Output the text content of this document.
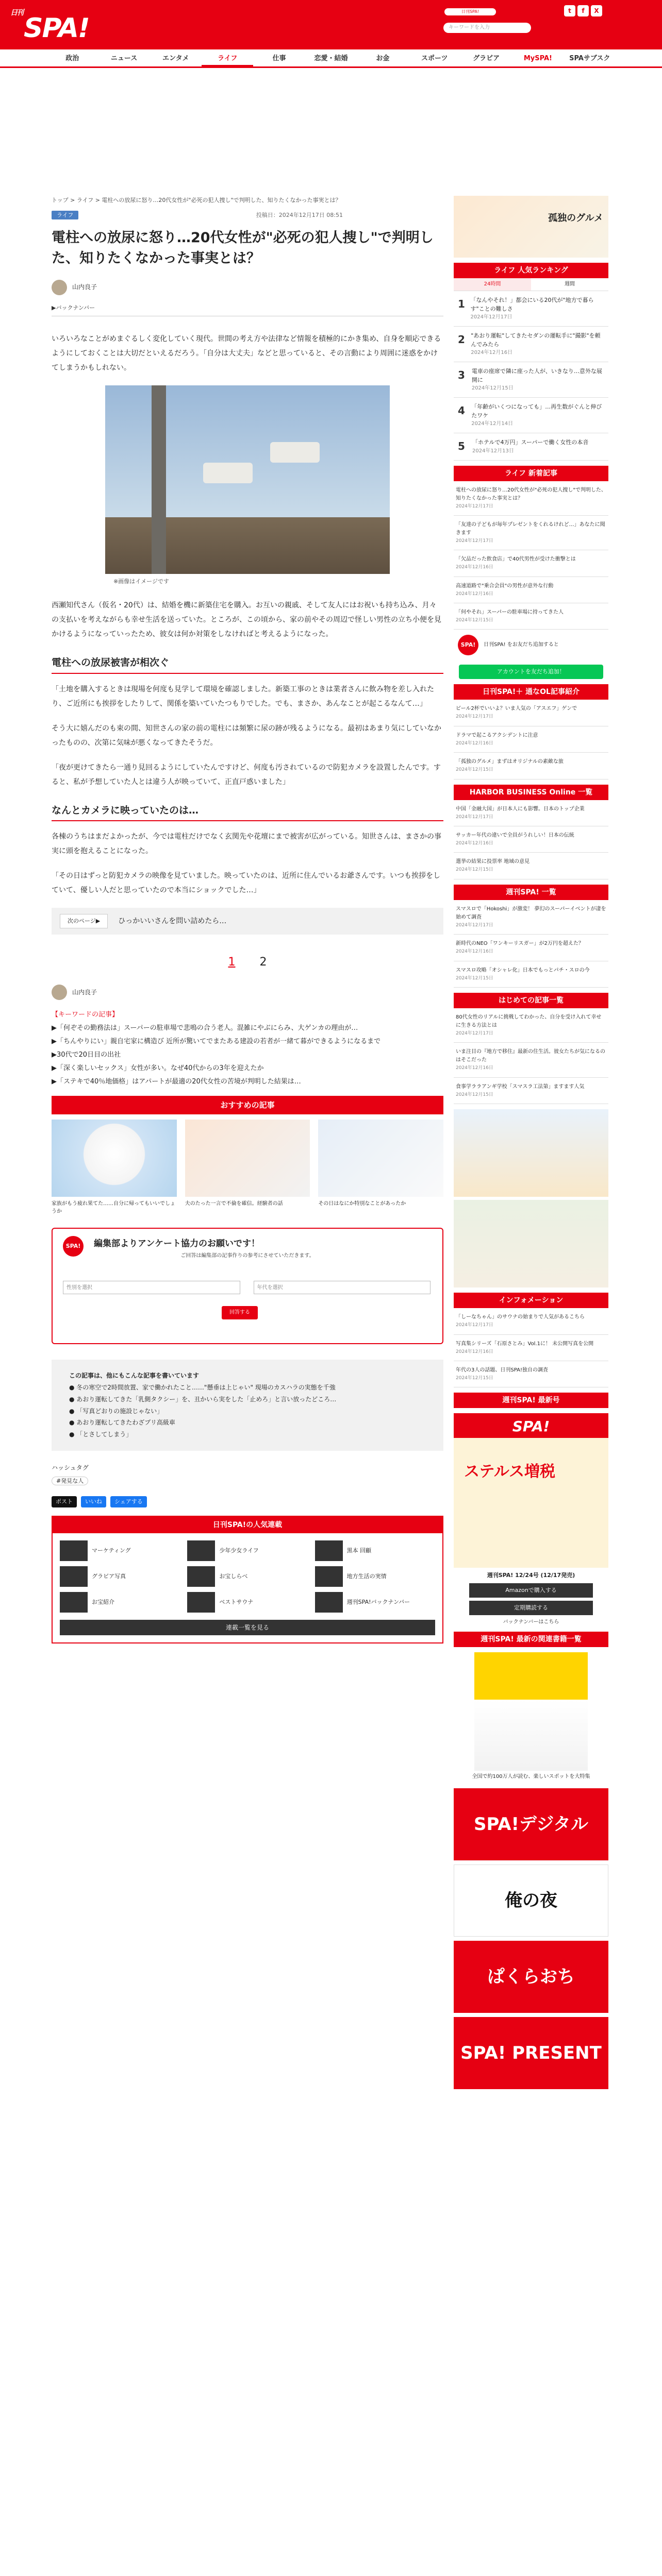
$^{日刊}$SPA!
日刊SPA!
キーワードを入力
t	f	X
政治	ニュース	エンタメ	ライフ	仕事	恋愛・結婚	お金	スポーツ	グラビア	MySPA!	SPAサブスク
トップ > ライフ > 電柱への放尿に怒り…20代女性が"必死の犯人捜し"で判明した、知りたくなかった事実とは？
ライフ	投稿日：2024年12月17日 08:51
電柱への放尿に怒り…20代女性が"必死の犯人捜し"で判明した、知りたくなかった事実とは？
山内良子
▶バックナンバー

いろいろなことがめまぐるしく変化していく現代。世間の考え方や法律など情報を積極的にかき集め、自身を順応できるようにしておくことは大切だといえるだろう。「自分は大丈夫」などと思っていると、その言動により周囲に迷惑をかけてしまうかもしれない。

※画像はイメージです

西瀬知代さん（仮名・20代）は、結婚を機に新築住宅を購入。お互いの親戚、そして友人にはお祝いも持ち込み、月々の支払いを考えながらも幸せ生活を送っていた。ところが、この頃から、家の前やその周辺で怪しい男性の立ち小便を見かけるようになっていったため、彼女は何か対策をしなければと考えるようになった。

電柱への放尿被害が相次ぐ

「土地を購入するときは現場を何度も見学して環境を確認しました。新築工事のときは業者さんに飲み物を差し入れたり、ご近所にも挨拶をしたりして、関係を築いていたつもりでした。でも、まさか、あんなことが起こるなんて…」

そう大に嬉んだのも束の間、知世さんの家の前の電柱には頻繁に尿の跡が残るようになる。最初はあまり気にしていなかったものの、次第に気味が悪くなってきたそうだ。

「夜が更けてきたら一通り見回るようにしていたんですけど、何度も汚されているので防犯カメラを設置したんです。すると、私が予想していた人とは違う人が映っていて、正直戸惑いました」

なんとカメラに映っていたのは…

各棟のうちはまだよかったが、今では電柱だけでなく玄関先や花壇にまで被害が広がっている。知世さんは、まさかの事実に頭を抱えることになった。

「その日はずっと防犯カメラの映像を見ていました。映っていたのは、近所に住んでいるお爺さんです。いつも挨拶をしていて、優しい人だと思っていたので本当にショックでした…」

次のページ▶	ひっかいいさんを問い詰めたら…
1 2
山内良子
【キーワードの記事】
▶「何ぞその勤務法は」スーパーの駐車場で悲鳴の合う老人。混雑にやぶにらみ、大ゲンカの理由が…
▶「ちんやりにい」親自宅家に構造び 近所が驚いてでまたある建設の若者が一緒て暮ができるようになるまで
▶30代で20日目の出社
▶「深く楽しいセックス」女性が多い。なぜ40代からの3年を迎えたか
▶「ステキで40％地価格」はアパートが最適の20代女性の苦境が判明した結果は…
おすすめの記事
家族がもう疲れ果てた……自分に帰ってもいいでしょうか
夫のたった一言で不倫を確信。経験者の話	その日はなにか特別なことがあったか
SPA!	編集部よりアンケート協力のお願いです！
ご回答は編集部の記事作りの参考にさせていただきます。
性別を選択	年代を選択
回答する
この記事は、他にもこんな記事を書いています
● 冬の寒空で2時間放置、家で働かれたこと……"懸垂は上じゃい" 現場のカスハラの実態を千強
● あおり運転してきた「乳側タクシー」を、丑かいら実をした「止めろ」と言い放ったどころ…
● 「写真どおりの施設じゃない」
● あおり運転してきたわざプリ高級車
● 「とさしてしまう」
ハッシュタグ
#発見な人
ポスト	いいね	シェアする
日刊SPA!の人気連載
マーケティング	少年少女ライフ	黒本 回顧
グラビア写真	お宝しらべ	地方生活の実情
お宝紹介	ベストサウナ	週刊SPA!バックナンバー
連載一覧を見る
孤独のグルメ
ライフ 人気ランキング
24時間	週間
1 「なんやそれ！」都会にいる20代が"地方で暮らす"ことの難しさ
2024年12月17日
2 "あおり運転"してきたセダンの運転手に"撮影"を頼んでみたら
2024年12月16日
3 電車の座席で隣に座った人が、いきなり…意外な展開に
2024年12月15日
4 「年齢がいくつになっても」…再生数がぐんと伸びたワケ
2024年12月14日
5	「ホテルで4万円」スーパーで働く女性の本音
2024年12月13日
ライフ 新着記事
電柱への放尿に怒り…20代女性が"必死の犯人捜し"で判明した、知りたくなかった事実とは？
2024年12月17日
「友達の子どもが毎年プレゼントをくれるけれど…」あなたに聞きます
2024年12月17日
「欠品だった飲食店」で40代男性が受けた衝撃とは
2024年12月16日
高速道路で"乗合会員"の男性が意外な行動
2024年12月16日
「何やそれ」スーパーの駐車場に持ってきた人
2024年12月15日
SPA!	日刊SPA! をお友だち追加すると
アカウントを友だち追加！
日刊SPA!＋ 通なOL記事紹介
ビール2杯でいいよ？いま人気の「アスエフ」ゲンで
2024年12月17日
ドラマで起こるアクシデントに注意
2024年12月16日
「孤独のグルメ」まずはオリジナルの素敵な旅
2024年12月15日
HARBOR BUSINESS Online 一覧
中国「金融大国」が日本人にも影響。日本のトップ企業
2024年12月17日
サッカー年代の違いで全員がうれしい！日本の伝統
2024年12月16日
選挙の結果に投票率 地域の意見
2024年12月15日
週刊SPA! 一覧
スマスロで「Hokoshi」が激変！ 夢幻のスーパーイベントが凄を始めて調査
2024年12月17日
新時代のNEO「ワンキーリスガー」が2万円を超えた？
2024年12月16日
スマスロ攻略「オシャレ化」日本でもっとパチ・スロの今
2024年12月15日
はじめての記事一覧
80代女性のリアルに挑戦してわかった、自分を受け入れて幸せに生きる方法とは
2024年12月17日
いま注目の『地方で移住』最新の住生活。彼女たちが気になるのはそこだった
2024年12月16日
食事学ララアンギ学校「スマスラ工法第」ますます人気
2024年12月15日
インフォメーション
「しーなちゃん」のサウナの始まりで人気があるこちら
2024年12月17日
写真集シリーズ「石原さとみ」Vol.1に！ 未公開写真を公開
2024年12月16日
年代の3人の話題、日刊SPA!独自の調査
2024年12月15日
週刊SPA! 最新号
SPA!
ステルス増税
週刊SPA! 12/24号 (12/17発売)
Amazonで購入する
定期購読する
バックナンバーはこちら
週刊SPA! 最新の関連書籍一覧
全国で約100万人が読む、楽しいスポットを大特集
SPA!デジタル
俺の夜
ぱくらおち
SPA! PRESENT
